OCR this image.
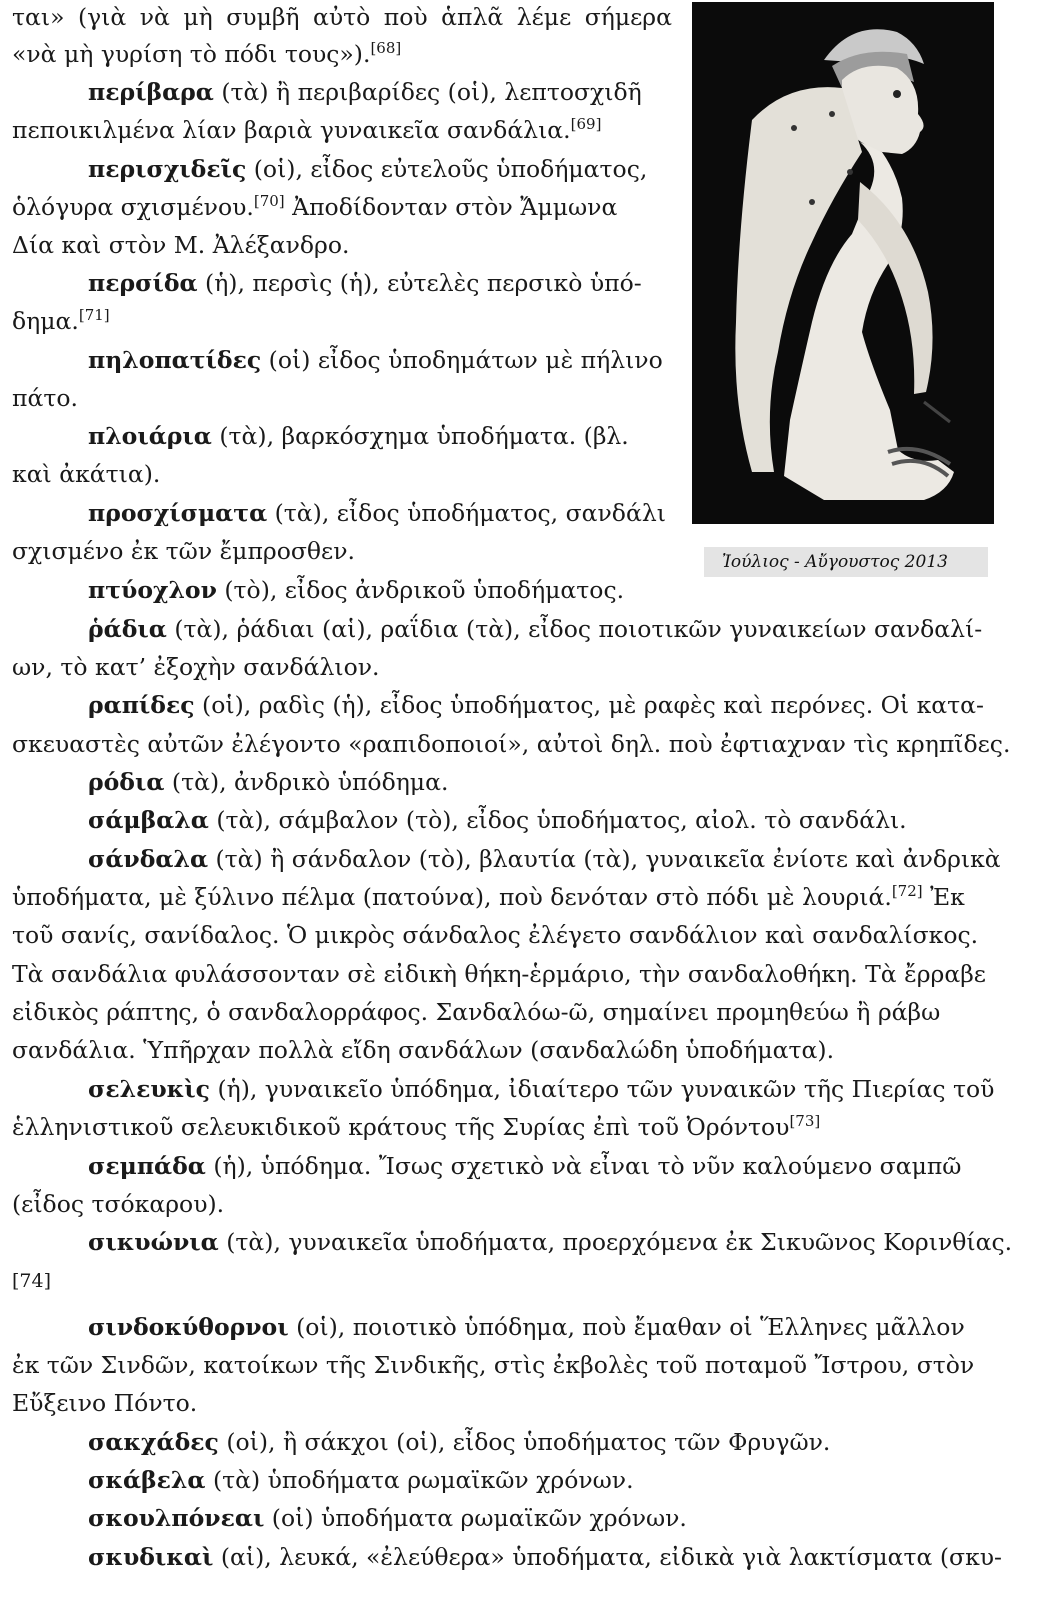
Ἰούλιος - Αὔγουστος 2013
ται» (γιὰ νὰ μὴ συμβῆ αὐτὸ ποὺ ἁπλᾶ λέμε σήμερα
«νὰ μὴ γυρίση τὸ πόδι τους»).[68]
περίβαρα (τὰ) ἢ περιβαρίδες (οἱ), λεπτοσχιδῆ
πεποικιλμένα λίαν βαριὰ γυναικεῖα σανδάλια.[69]
περισχιδεῖς (οἱ), εἶδος εὐτελοῦς ὑποδήματος,
ὁλόγυρα σχισμένου.[70] Ἀποδίδονταν στὸν Ἄμμωνα
Δία καὶ στὸν Μ. Ἀλέξανδρο.
περσίδα (ἡ), περσὶς (ἡ), εὐτελὲς περσικὸ ὑπό-
δημα.[71]
πηλοπατίδες (οἱ) εἶδος ὑποδημάτων μὲ πήλινο
πάτο.
πλοιάρια (τὰ), βαρκόσχημα ὑποδήματα. (βλ.
καὶ ἀκάτια).
προσχίσματα (τὰ), εἶδος ὑποδήματος, σανδάλι
σχισμένο ἐκ τῶν ἔμπροσθεν.
πτύοχλον (τὸ), εἶδος ἀνδρικοῦ ὑποδήματος.
ῥάδια (τὰ), ῥάδιαι (αἱ), ραΐδια (τὰ), εἶδος ποιοτικῶν γυναικείων σανδαλί-
ων, τὸ κατ’ ἐξοχὴν σανδάλιον.
ραπίδες (οἱ), ραδὶς (ἡ), εἶδος ὑποδήματος, μὲ ραφὲς καὶ περόνες. Οἱ κατα-
σκευαστὲς αὐτῶν ἐλέγοντο «ραπιδοποιοί», αὐτοὶ δηλ. ποὺ ἐφτιαχναν τὶς κρηπῖδες.
ρόδια (τὰ), ἀνδρικὸ ὑπόδημα.
σάμβαλα (τὰ), σάμβαλον (τὸ), εἶδος ὑποδήματος, αἰολ. τὸ σανδάλι.
σάνδαλα (τὰ) ἢ σάνδαλον (τὸ), βλαυτία (τὰ), γυναικεῖα ἐνίοτε καὶ ἀνδρικὰ
ὑποδήματα, μὲ ξύλινο πέλμα (πατούνα), ποὺ δενόταν στὸ πόδι μὲ λουριά.[72] Ἐκ
τοῦ σανίς, σανίδαλος. Ὁ μικρὸς σάνδαλος ἐλέγετο σανδάλιον καὶ σανδαλίσκος.
Τὰ σανδάλια φυλάσσονταν σὲ εἰδικὴ θήκη-ἑρμάριο, τὴν σανδαλοθήκη. Τὰ ἔρραβε
εἰδικὸς ράπτης, ὁ σανδαλορράφος. Σανδαλόω-ῶ, σημαίνει προμηθεύω ἢ ράβω
σανδάλια. Ὑπῆρχαν πολλὰ εἴδη σανδάλων (σανδαλώδη ὑποδήματα).
σελευκὶς (ἡ), γυναικεῖο ὑπόδημα, ἰδιαίτερο τῶν γυναικῶν τῆς Πιερίας τοῦ
ἑλληνιστικοῦ σελευκιδικοῦ κράτους τῆς Συρίας ἐπὶ τοῦ Ὀρόντου[73]
σεμπάδα (ἡ), ὑπόδημα. Ἴσως σχετικὸ νὰ εἶναι τὸ νῦν καλούμενο σαμπῶ
(εἶδος τσόκαρου).
σικυώνια (τὰ), γυναικεῖα ὑποδήματα, προερχόμενα ἐκ Σικυῶνος Κορινθίας.
[74]
σινδοκύθορνοι (οἱ), ποιοτικὸ ὑπόδημα, ποὺ ἔμαθαν οἱ Ἕλληνες μᾶλλον
ἐκ τῶν Σινδῶν, κατοίκων τῆς Σινδικῆς, στὶς ἐκβολὲς τοῦ ποταμοῦ Ἴστρου, στὸν
Εὔξεινο Πόντο.
σακχάδες (οἱ), ἢ σάκχοι (οἱ), εἶδος ὑποδήματος τῶν Φρυγῶν.
σκάβελα (τὰ) ὑποδήματα ρωμαϊκῶν χρόνων.
σκουλπόνεαι (οἱ) ὑποδήματα ρωμαϊκῶν χρόνων.
σκυδικαὶ (αἱ), λευκά, «ἐλεύθερα» ὑποδήματα, εἰδικὰ γιὰ λακτίσματα (σκυ-
